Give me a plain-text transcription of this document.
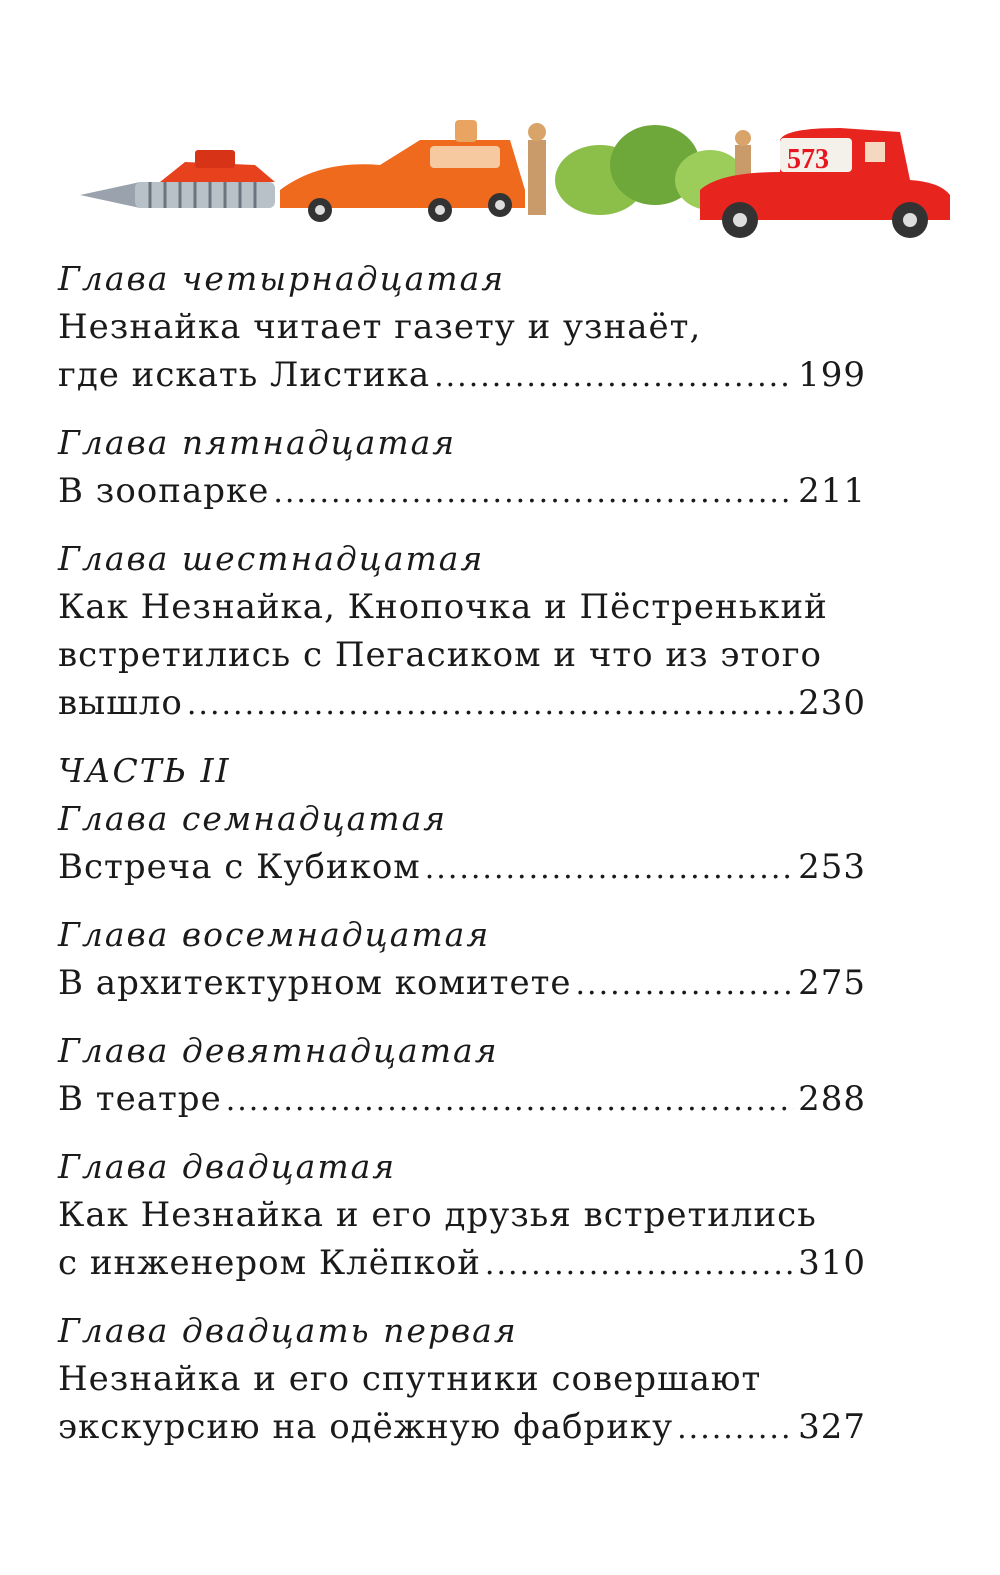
573
Глава четырнадцатая
Незнайка читает газету и узнаёт,
где искать Листика .....	199
Глава пятнадцатая
В зоопарке .....	211
Глава шестнадцатая
Как Незнайка, Кнопочка и Пёстренький
встретились с Пегасиком и что из этого
вышло .....	230
ЧАСТЬ II
Глава семнадцатая
Встреча с Кубиком .....	253
Глава восемнадцатая
В архитектурном комитете .....	275
Глава девятнадцатая
В театре .....	288
Глава двадцатая
Как Незнайка и его друзья встретились
с инженером Клёпкой .....	310
Глава двадцать первая
Незнайка и его спутники совершают
экскурсию на одёжную фабрику .....	327
